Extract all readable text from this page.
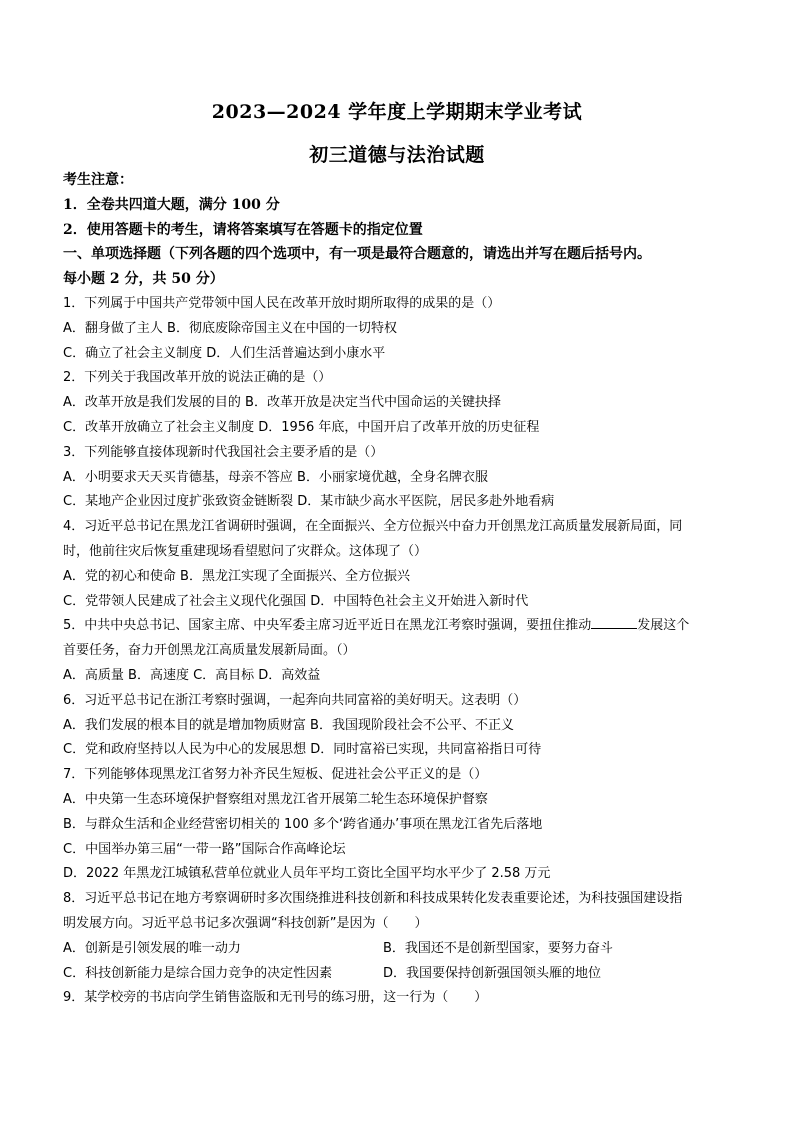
2023—2024 学年度上学期期末学业考试
初三道德与法治试题
考生注意：
1．全卷共四道大题，满分 100 分
2．使用答题卡的考生，请将答案填写在答题卡的指定位置
一、单项选择题（下列各题的四个选项中，有一项是最符合题意的，请选出并写在题后括号内。
每小题 2 分，共 50 分）
1．下列属于中国共产党带领中国人民在改革开放时期所取得的成果的是（）
A．翻身做了主人 B．彻底废除帝国主义在中国的一切特权
C．确立了社会主义制度 D．人们生活普遍达到小康水平
2．下列关于我国改革开放的说法正确的是（）
A．改革开放是我们发展的目的 B．改革开放是决定当代中国命运的关键抉择
C．改革开放确立了社会主义制度 D．1956 年底，中国开启了改革开放的历史征程
3．下列能够直接体现新时代我国社会主要矛盾的是（）
A．小明要求天天买肯德基，母亲不答应 B．小丽家境优越，全身名牌衣服
C．某地产企业因过度扩张致资金链断裂 D．某市缺少高水平医院，居民多赴外地看病
4．习近平总书记在黑龙江省调研时强调，在全面振兴、全方位振兴中奋力开创黑龙江高质量发展新局面，同
时，他前往灾后恢复重建现场看望慰问了灾群众。这体现了（）
A．党的初心和使命 B．黑龙江实现了全面振兴、全方位振兴
C．党带领人民建成了社会主义现代化强国 D．中国特色社会主义开始进入新时代
5．中共中央总书记、国家主席、中央军委主席习近平近日在黑龙江考察时强调，要扭住推动	发展这个
首要任务，奋力开创黑龙江高质量发展新局面。（）
A．高质量 B．高速度 C．高目标 D．高效益
6．习近平总书记在浙江考察时强调，一起奔向共同富裕的美好明天。这表明（）
A．我们发展的根本目的就是增加物质财富 B．我国现阶段社会不公平、不正义
C．党和政府坚持以人民为中心的发展思想 D．同时富裕已实现，共同富裕指日可待
7．下列能够体现黑龙江省努力补齐民生短板、促进社会公平正义的是（）
A．中央第一生态环境保护督察组对黑龙江省开展第二轮生态环境保护督察
B．与群众生活和企业经营密切相关的 100 多个‘跨省通办’事项在黑龙江省先后落地
C．中国举办第三届“一带一路”国际合作高峰论坛
D．2022 年黑龙江城镇私营单位就业人员年平均工资比全国平均水平少了 2.58 万元
8．习近平总书记在地方考察调研时多次围绕推进科技创新和科技成果转化发表重要论述，为科技强国建设指
明发展方向。习近平总书记多次强调“科技创新”是因为（　　）
A．创新是引领发展的唯一动力	B．我国还不是创新型国家，要努力奋斗
C．科技创新能力是综合国力竞争的决定性因素	D．我国要保持创新强国领头雁的地位
9．某学校旁的书店向学生销售盗版和无刊号的练习册，这一行为（　　）
